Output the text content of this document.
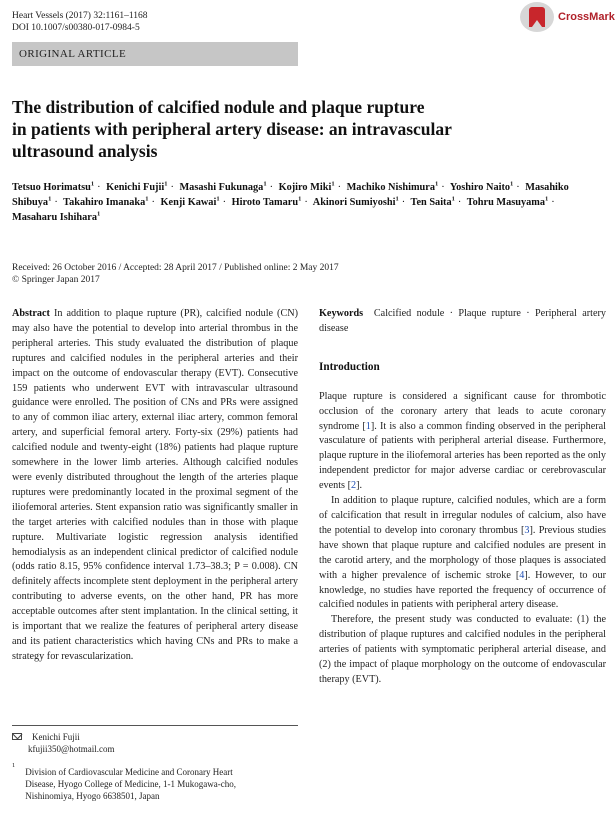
Heart Vessels (2017) 32:1161–1168
DOI 10.1007/s00380-017-0984-5
CrossMark
ORIGINAL ARTICLE
The distribution of calcified nodule and plaque rupture
in patients with peripheral artery disease: an intravascular
ultrasound analysis
Tetsuo Horimatsu$^1$ · Kenichi Fujii$^1$ · Masashi Fukunaga$^1$ · Kojiro Miki$^1$ · Machiko Nishimura$^1$ · Yoshiro Naito$^1$ · Masahiko Shibuya$^1$ · Takahiro Imanaka$^1$ · Kenji Kawai$^1$ · Hiroto Tamaru$^1$ · Akinori Sumiyoshi$^1$ · Ten Saita$^1$ · Tohru Masuyama$^1$ · Masaharu Ishihara$^1$
Received: 26 October 2016 / Accepted: 28 April 2017 / Published online: 2 May 2017
© Springer Japan 2017

Abstract In addition to plaque rupture (PR), calcified nodule (CN) may also have the potential to develop into arterial thrombus in the peripheral arteries. This study evaluated the distribution of plaque ruptures and calcified nodules in the peripheral arteries and their impact on the outcome of endovascular therapy (EVT). Consecutive 159 patients who underwent EVT with intravascular ultrasound guidance were enrolled. The position of CNs and PRs were assigned to any of common iliac artery, external iliac artery, common femoral artery, and superficial femoral artery. Forty-six (29%) patients had calcified nodule and twenty-eight (18%) patients had plaque rupture somewhere in the lower limb arteries. Although calcified nodules were evenly distributed throughout the length of the arteries plaque ruptures were predominantly located in the proximal segment of the iliofemoral arteries. Stent expansion ratio was significantly smaller in the target arteries with calcified nodules than in those with plaque rupture. Multivariate logistic regression analysis identified hemodialysis as an independent clinical predictor of calcified nodule (odds ratio 8.15, 95% confidence interval 1.73–38.3; P = 0.008). CN definitely affects incomplete stent deployment in the peripheral artery contributing to adverse events, on the other hand, PR has more acceptable outcomes after stent implantation. In the clinical setting, it is important that we realize the features of peripheral artery disease and its patient characteristics which having CNs and PRs to make a strategy for revascularization.

Keywords Calcified nodule · Plaque rupture · Peripheral artery disease

Introduction

Plaque rupture is considered a significant cause for thrombotic occlusion of the coronary artery that leads to acute coronary syndrome [1]. It is also a common finding observed in the peripheral vasculature of patients with peripheral arterial disease. Furthermore, plaque rupture in the iliofemoral arteries has been reported as the only independent predictor for major adverse cardiac or cerebrovascular events [2].

In addition to plaque rupture, calcified nodules, which are a form of calcification that result in irregular nodules of calcium, also have the potential to develop into coronary thrombus [3]. Previous studies have shown that plaque rupture and calcified nodules are present in the carotid artery, and the morphology of those plaques is associated with a higher prevalence of ischemic stroke [4]. However, to our knowledge, no studies have reported the frequency of occurrence of calcified nodules in patients with peripheral artery disease.

Therefore, the present study was conducted to evaluate: (1) the distribution of plaque ruptures and calcified nodules in the peripheral arteries of patients with symptomatic peripheral arterial disease, and (2) the impact of plaque morphology on the outcome of endovascular therapy (EVT).

Kenichi Fujii
kfujii350@hotmail.com
1
Division of Cardiovascular Medicine and Coronary Heart
Disease, Hyogo College of Medicine, 1-1 Mukogawa-cho,
Nishinomiya, Hyogo 6638501, Japan
